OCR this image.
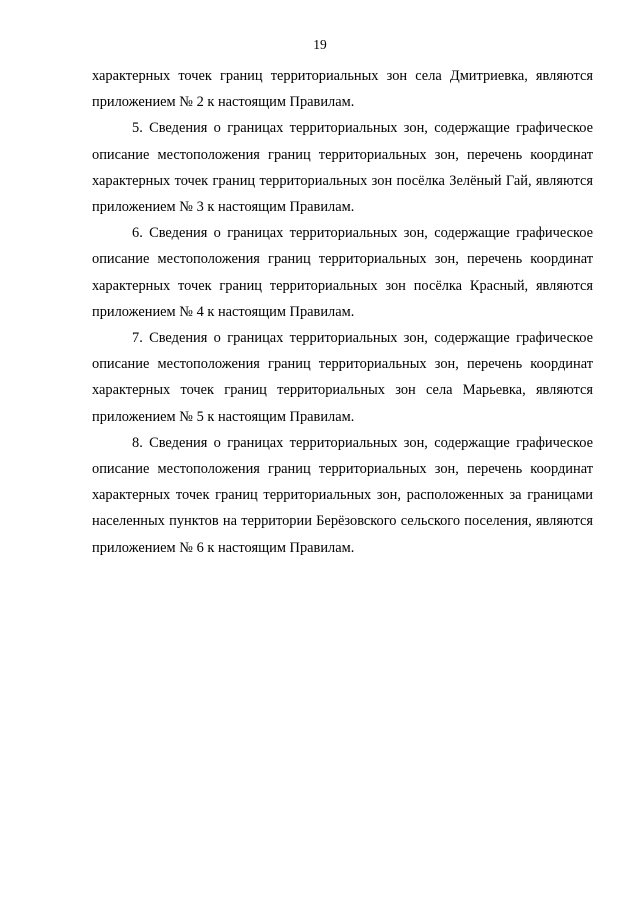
19

характерных точек границ территориальных зон села Дмитриевка, являются приложением № 2 к настоящим Правилам.

5. Сведения о границах территориальных зон, содержащие графическое описание местоположения границ территориальных зон, перечень координат характерных точек границ территориальных зон посёлка Зелёный Гай, являются приложением № 3 к настоящим Правилам.

6. Сведения о границах территориальных зон, содержащие графическое описание местоположения границ территориальных зон, перечень координат характерных точек границ территориальных зон посёлка Красный, являются приложением № 4 к настоящим Правилам.

7. Сведения о границах территориальных зон, содержащие графическое описание местоположения границ территориальных зон, перечень координат характерных точек границ территориальных зон села Марьевка, являются приложением № 5 к настоящим Правилам.

8. Сведения о границах территориальных зон, содержащие графическое описание местоположения границ территориальных зон, перечень координат характерных точек границ территориальных зон, расположенных за границами населенных пунктов на территории Берёзовского сельского поселения, являются приложением № 6 к настоящим Правилам.
